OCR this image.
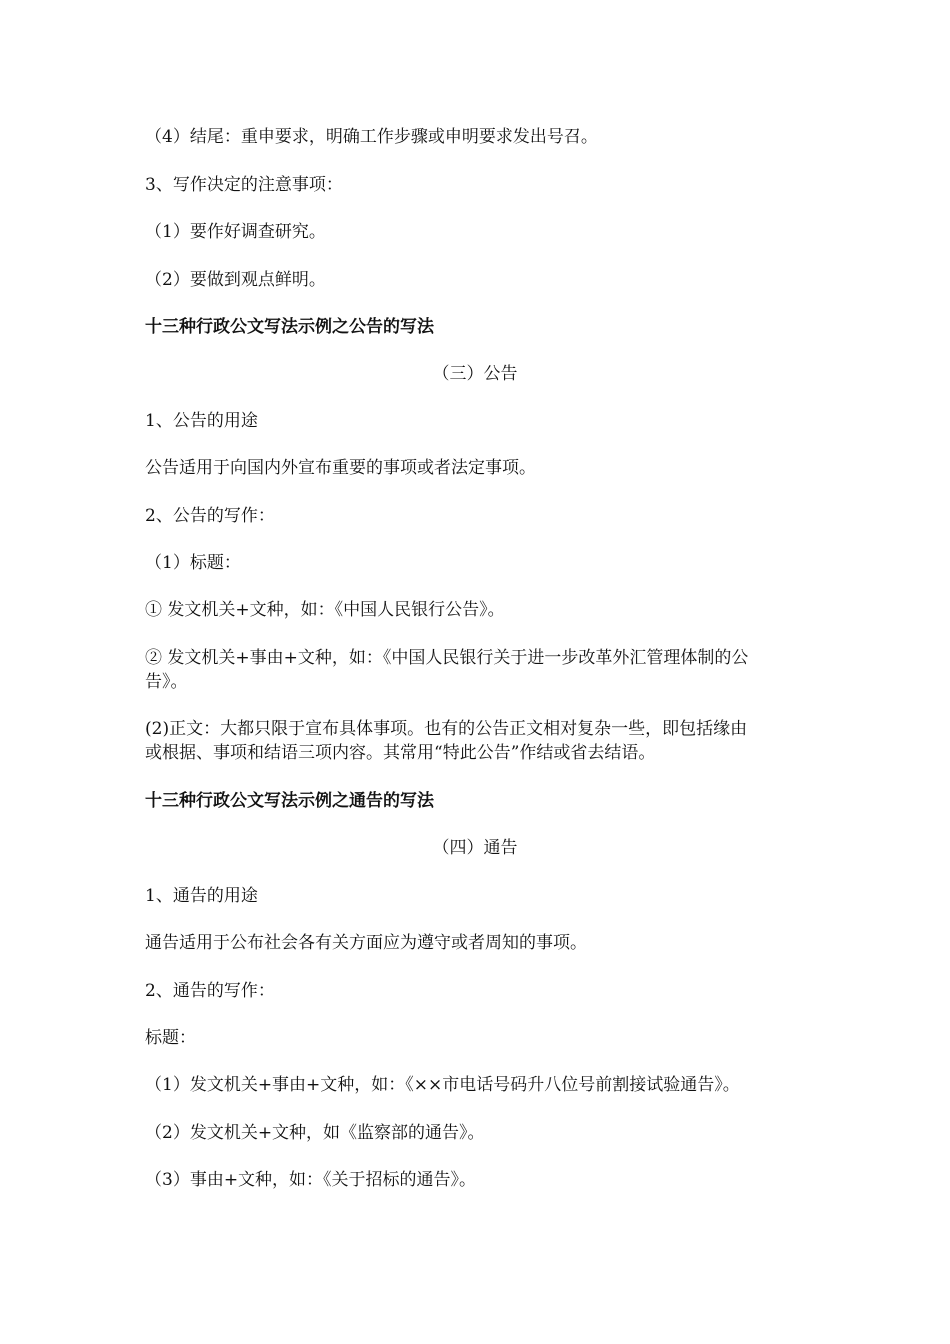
（4）结尾：重申要求，明确工作步骤或申明要求发出号召。
3、写作决定的注意事项：
（1）要作好调查研究。
（2）要做到观点鲜明。
十三种行政公文写法示例之公告的写法
（三）公告
1、公告的用途
公告适用于向国内外宣布重要的事项或者法定事项。
2、公告的写作：
（1）标题：
① 发文机关+文种，如：《中国人民银行公告》。
② 发文机关+事由+文种，如：《中国人民银行关于进一步改革外汇管理体制的公
告》。
(2)正文：大都只限于宣布具体事项。也有的公告正文相对复杂一些，即包括缘由
或根据、事项和结语三项内容。其常用“特此公告”作结或省去结语。
十三种行政公文写法示例之通告的写法
（四）通告
1、通告的用途
通告适用于公布社会各有关方面应为遵守或者周知的事项。
2、通告的写作：
标题：
（1）发文机关+事由+文种，如：《××市电话号码升八位号前割接试验通告》。
（2）发文机关+文种，如《监察部的通告》。
（3）事由+文种，如：《关于招标的通告》。
